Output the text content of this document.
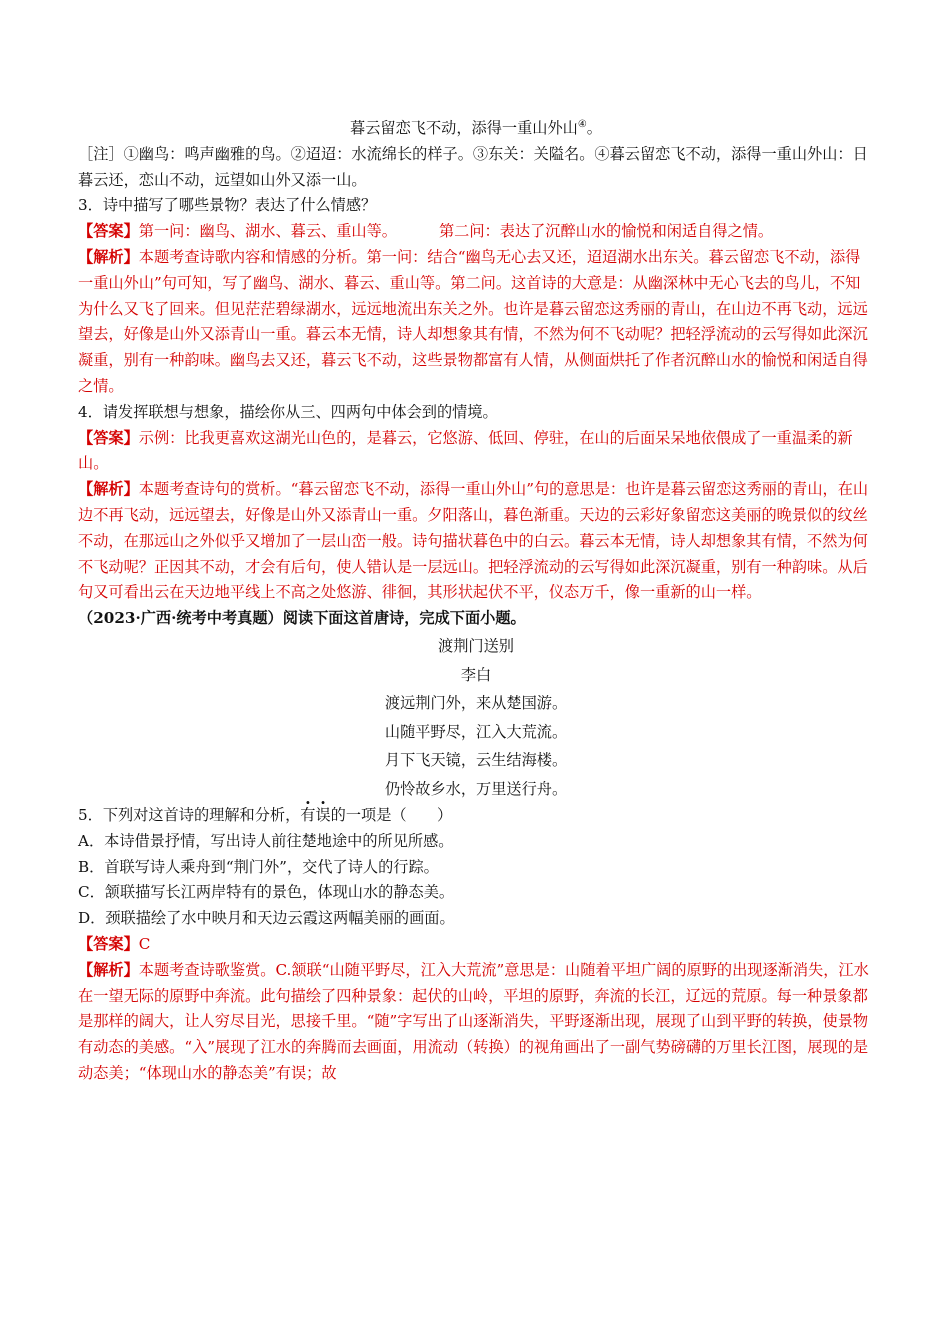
暮云留恋飞不动，添得一重山外山④。

［注］①幽鸟：鸣声幽雅的鸟。②迢迢：水流绵长的样子。③东关：关隘名。④暮云留恋飞不动，添得一重山外山：日暮云还，恋山不动，远望如山外又添一山。

3．诗中描写了哪些景物？表达了什么情感？

【答案】第一问：幽鸟、湖水、暮云、重山等。	第二问：表达了沉醉山水的愉悦和闲适自得之情。

【解析】本题考查诗歌内容和情感的分析。第一问：结合“幽鸟无心去又还，迢迢湖水出东关。暮云留恋飞不动，添得一重山外山”句可知，写了幽鸟、湖水、暮云、重山等。第二问。这首诗的大意是：从幽深林中无心飞去的鸟儿，不知为什么又飞了回来。但见茫茫碧绿湖水，远远地流出东关之外。也许是暮云留恋这秀丽的青山，在山边不再飞动，远远望去，好像是山外又添青山一重。暮云本无情，诗人却想象其有情，不然为何不飞动呢？把轻浮流动的云写得如此深沉凝重，别有一种韵味。幽鸟去又还，暮云飞不动，这些景物都富有人情，从侧面烘托了作者沉醉山水的愉悦和闲适自得之情。

4．请发挥联想与想象，描绘你从三、四两句中体会到的情境。

【答案】示例：比我更喜欢这湖光山色的，是暮云，它悠游、低回、停驻，在山的后面呆呆地依偎成了一重温柔的新山。

【解析】本题考查诗句的赏析。“暮云留恋飞不动，添得一重山外山”句的意思是：也许是暮云留恋这秀丽的青山，在山边不再飞动，远远望去，好像是山外又添青山一重。夕阳落山，暮色渐重。天边的云彩好象留恋这美丽的晚景似的纹丝不动，在那远山之外似乎又增加了一层山峦一般。诗句描状暮色中的白云。暮云本无情，诗人却想象其有情，不然为何不飞动呢？正因其不动，才会有后句，使人错认是一层远山。把轻浮流动的云写得如此深沉凝重，别有一种韵味。从后句又可看出云在天边地平线上不高之处悠游、徘徊，其形状起伏不平，仪态万千，像一重新的山一样。

（2023·广西·统考中考真题）阅读下面这首唐诗，完成下面小题。

渡荆门送别

李白

渡远荆门外，来从楚国游。

山随平野尽，江入大荒流。

月下飞天镜，云生结海楼。

仍怜故乡水，万里送行舟。

5．下列对这首诗的理解和分析，有误的一项是（　　）

A．本诗借景抒情，写出诗人前往楚地途中的所见所感。

B．首联写诗人乘舟到“荆门外”，交代了诗人的行踪。

C．颔联描写长江两岸特有的景色，体现山水的静态美。

D．颈联描绘了水中映月和天边云霞这两幅美丽的画面。

【答案】C

【解析】本题考查诗歌鉴赏。C.颔联“山随平野尽，江入大荒流”意思是：山随着平坦广阔的原野的出现逐渐消失，江水在一望无际的原野中奔流。此句描绘了四种景象：起伏的山岭，平坦的原野，奔流的长江，辽远的荒原。每一种景象都是那样的阔大，让人穷尽目光，思接千里。“随”字写出了山逐渐消失，平野逐渐出现，展现了山到平野的转换，使景物有动态的美感。“入”展现了江水的奔腾而去画面，用流动（转换）的视角画出了一副气势磅礴的万里长江图，展现的是动态美；“体现山水的静态美”有误；故
